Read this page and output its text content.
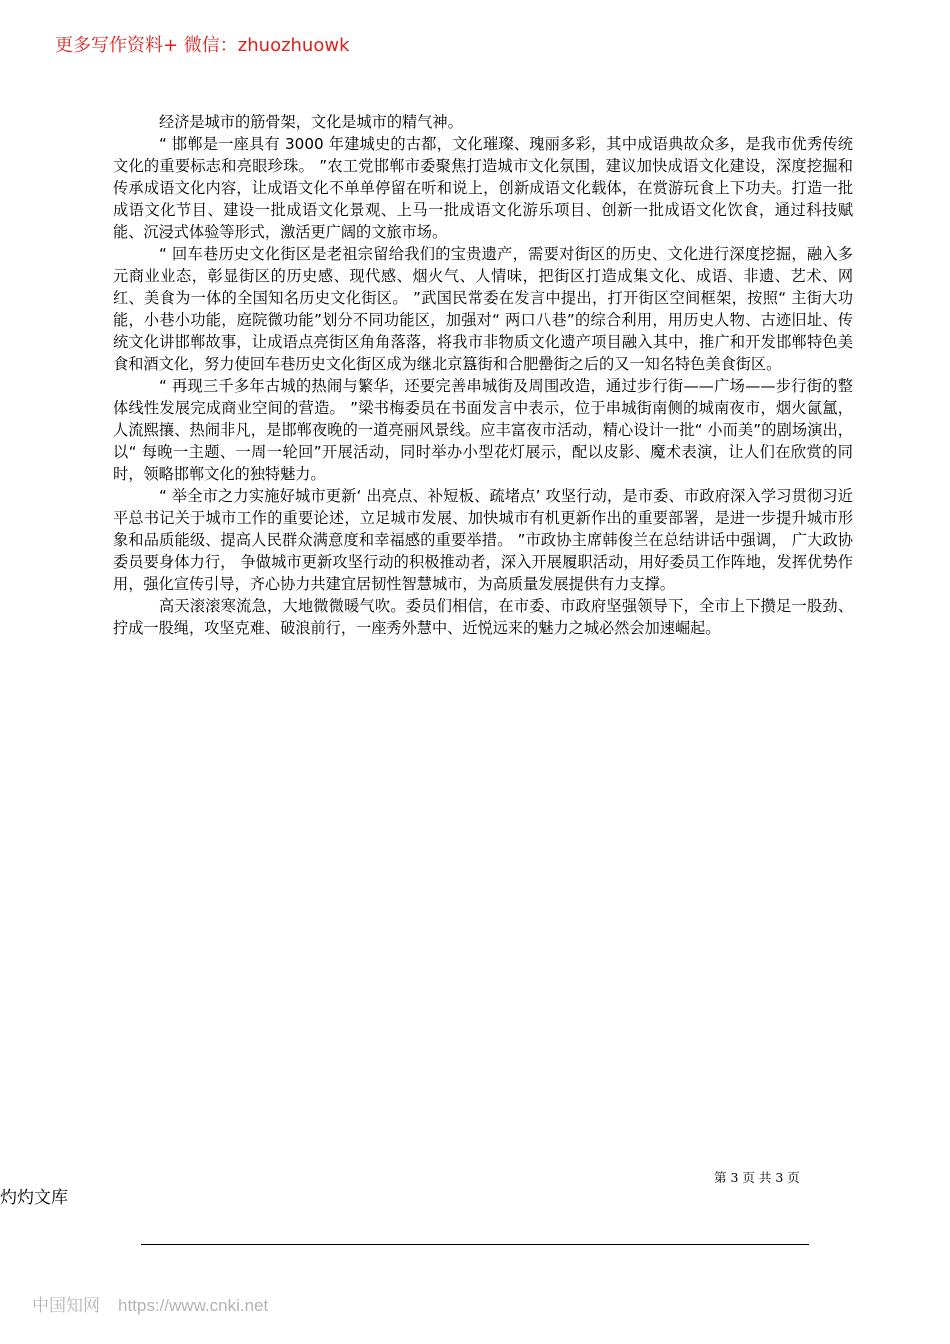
更多写作资料+ 微信：zhuozhuowk

经济是城市的筋骨架，文化是城市的精气神。

“ 邯郸是一座具有 3000 年建城史的古都，文化璀璨、瑰丽多彩，其中成语典故众多，是我市优秀传统文化的重要标志和亮眼珍珠。 ”农工党邯郸市委聚焦打造城市文化氛围，建议加快成语文化建设，深度挖掘和传承成语文化内容，让成语文化不单单停留在听和说上，创新成语文化载体，在赏游玩食上下功夫。打造一批成语文化节目、建设一批成语文化景观、上马一批成语文化游乐项目、创新一批成语文化饮食，通过科技赋能、沉浸式体验等形式，激活更广阔的文旅市场。

“ 回车巷历史文化街区是老祖宗留给我们的宝贵遗产，需要对街区的历史、文化进行深度挖掘，融入多元商业业态，彰显街区的历史感、现代感、烟火气、人情味，把街区打造成集文化、成语、非遗、艺术、网红、美食为一体的全国知名历史文化街区。 ”武国民常委在发言中提出，打开街区空间框架，按照“ 主街大功能，小巷小功能，庭院微功能”划分不同功能区，加强对“ 两口八巷”的综合利用，用历史人物、古迹旧址、传统文化讲邯郸故事，让成语点亮街区角角落落，将我市非物质文化遗产项目融入其中，推广和开发邯郸特色美食和酒文化，努力使回车巷历史文化街区成为继北京簋街和合肥罍街之后的又一知名特色美食街区。

“ 再现三千多年古城的热闹与繁华，还要完善串城街及周围改造，通过步行街——广场——步行街的整体线性发展完成商业空间的营造。 ”梁书梅委员在书面发言中表示，位于串城街南侧的城南夜市，烟火氤氲，人流熙攘、热闹非凡，是邯郸夜晚的一道亮丽风景线。应丰富夜市活动，精心设计一批“ 小而美”的剧场演出，以“ 每晚一主题、一周一轮回”开展活动，同时举办小型花灯展示，配以皮影、魔术表演，让人们在欣赏的同时，领略邯郸文化的独特魅力。

“ 举全市之力实施好城市更新‘ 出亮点、补短板、疏堵点’ 攻坚行动，是市委、市政府深入学习贯彻习近平总书记关于城市工作的重要论述，立足城市发展、加快城市有机更新作出的重要部署，是进一步提升城市形象和品质能级、提高人民群众满意度和幸福感的重要举措。 ”市政协主席韩俊兰在总结讲话中强调， 广大政协委员要身体力行， 争做城市更新攻坚行动的积极推动者，深入开展履职活动，用好委员工作阵地，发挥优势作用，强化宣传引导，齐心协力共建宜居韧性智慧城市，为高质量发展提供有力支撑。

高天滚滚寒流急，大地微微暖气吹。委员们相信，在市委、市政府坚强领导下，全市上下攒足一股劲、拧成一股绳，攻坚克难、破浪前行，一座秀外慧中、近悦远来的魅力之城必然会加速崛起。

第 3 页 共 3 页
灼灼文库
中国知网 https://www.cnki.net
